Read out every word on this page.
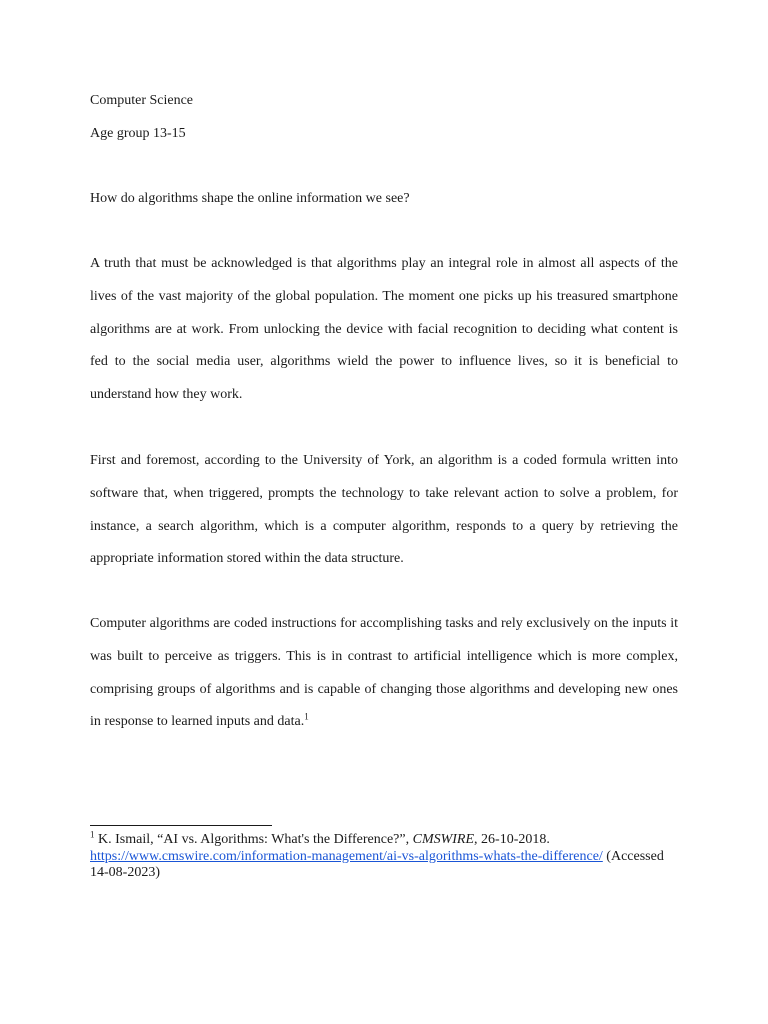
Computer Science
Age group 13-15
How do algorithms shape the online information we see?

A truth that must be acknowledged is that algorithms play an integral role in almost all aspects of the lives of the vast majority of the global population. The moment one picks up his treasured smartphone algorithms are at work. From unlocking the device with facial recognition to deciding what content is fed to the social media user, algorithms wield the power to influence lives, so it is beneficial to understand how they work.

First and foremost, according to the University of York, an algorithm is a coded formula written into software that, when triggered, prompts the technology to take relevant action to solve a problem, for instance, a search algorithm, which is a computer algorithm, responds to a query by retrieving the appropriate information stored within the data structure.

Computer algorithms are coded instructions for accomplishing tasks and rely exclusively on the inputs it was built to perceive as triggers. This is in contrast to artificial intelligence which is more complex, comprising groups of algorithms and is capable of changing those algorithms and developing new ones in response to learned inputs and data.$^1$

$^1$ K. Ismail, “AI vs. Algorithms: What's the Difference?”, CMSWIRE, 26-10-2018.
https://www.cmswire.com/information-management/ai-vs-algorithms-whats-the-difference/ (Accessed 14-08-2023)
